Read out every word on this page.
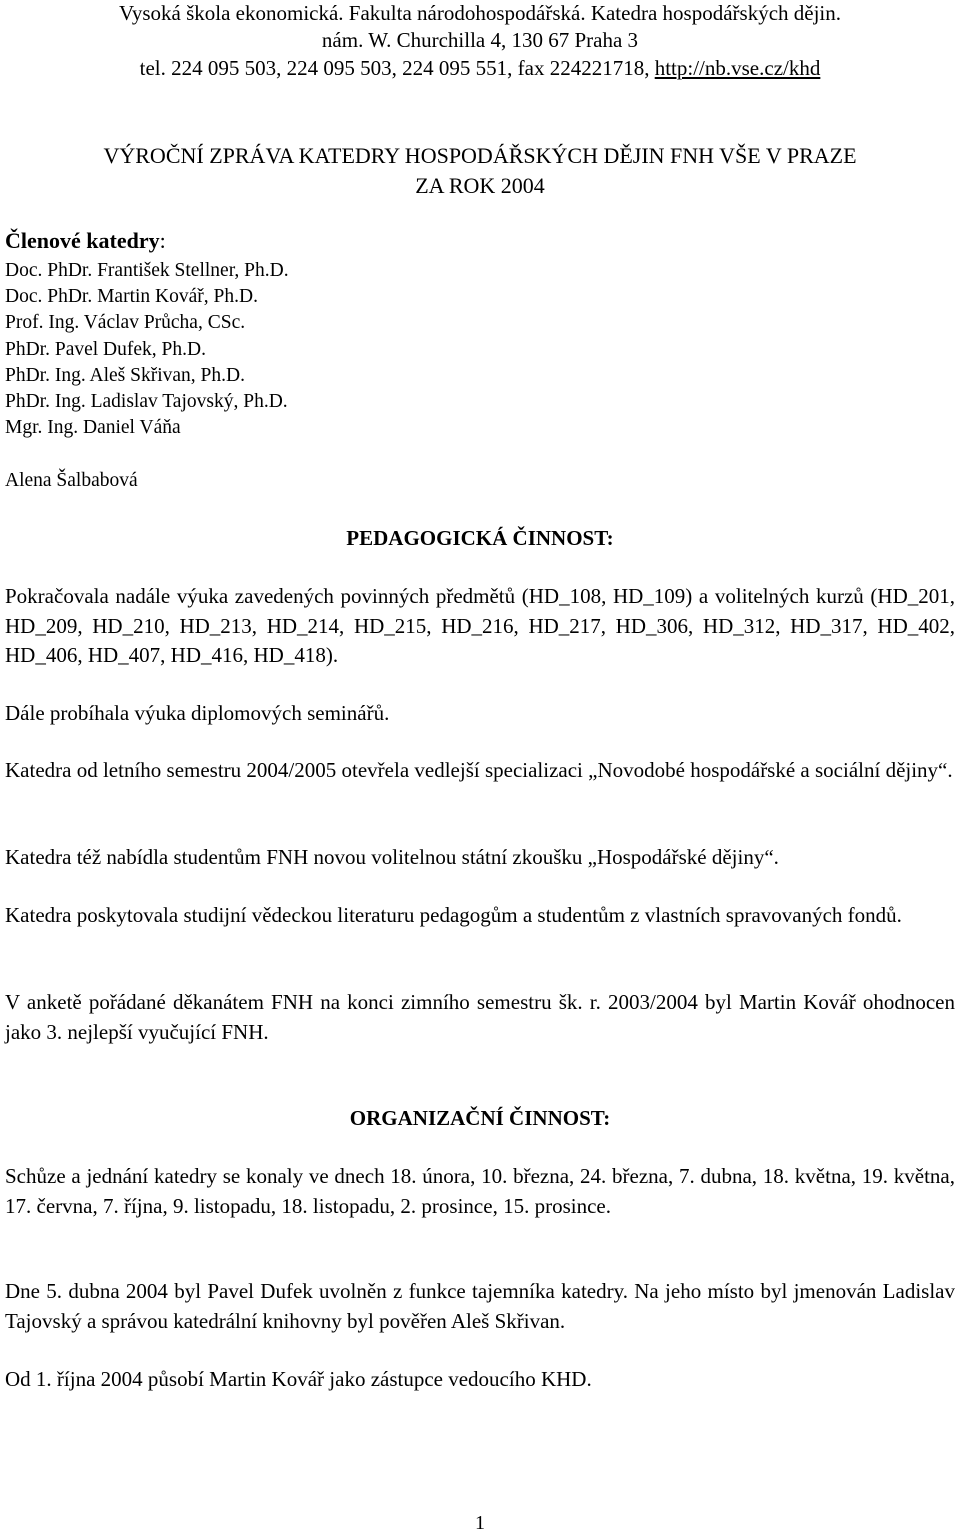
Vysoká škola ekonomická. Fakulta národohospodářská. Katedra hospodářských dějin.
nám. W. Churchilla 4, 130 67 Praha 3
tel. 224 095 503, 224 095 503, 224 095 551, fax 224221718, http://nb.vse.cz/khd
VÝROČNÍ ZPRÁVA KATEDRY HOSPODÁŘSKÝCH DĚJIN FNH VŠE V PRAZE
ZA ROK 2004
Členové katedry:
Doc. PhDr. František Stellner, Ph.D.
Doc. PhDr. Martin Kovář, Ph.D.
Prof. Ing. Václav Průcha, CSc.
PhDr. Pavel Dufek, Ph.D.
PhDr. Ing. Aleš Skřivan, Ph.D.
PhDr. Ing. Ladislav Tajovský, Ph.D.
Mgr. Ing. Daniel Váňa
Alena Šalbabová
PEDAGOGICKÁ ČINNOST:
Pokračovala nadále výuka zavedených povinných předmětů (HD_108, HD_109) a volitelných kurzů (HD_201, HD_209, HD_210, HD_213, HD_214, HD_215, HD_216, HD_217, HD_306, HD_312, HD_317, HD_402, HD_406, HD_407, HD_416, HD_418).
Dále probíhala výuka diplomových seminářů.
Katedra od letního semestru 2004/2005 otevřela vedlejší specializaci „Novodobé hospodářské a sociální dějiny“.
Katedra též nabídla studentům FNH novou volitelnou státní zkoušku „Hospodářské dějiny“.
Katedra poskytovala studijní vědeckou literaturu pedagogům a studentům z vlastních spravovaných fondů.
V anketě pořádané děkanátem FNH na konci zimního semestru šk. r. 2003/2004 byl Martin Kovář ohodnocen jako 3. nejlepší vyučující FNH.
ORGANIZAČNÍ ČINNOST:
Schůze a jednání katedry se konaly ve dnech 18. února, 10. března, 24. března, 7. dubna, 18. května, 19. května, 17. června, 7. října, 9. listopadu, 18. listopadu, 2. prosince, 15. prosince.
Dne 5. dubna 2004 byl Pavel Dufek uvolněn z funkce tajemníka katedry. Na jeho místo byl jmenován Ladislav Tajovský a správou katedrální knihovny byl pověřen Aleš Skřivan.
Od 1. října 2004 působí Martin Kovář jako zástupce vedoucího KHD.
1
